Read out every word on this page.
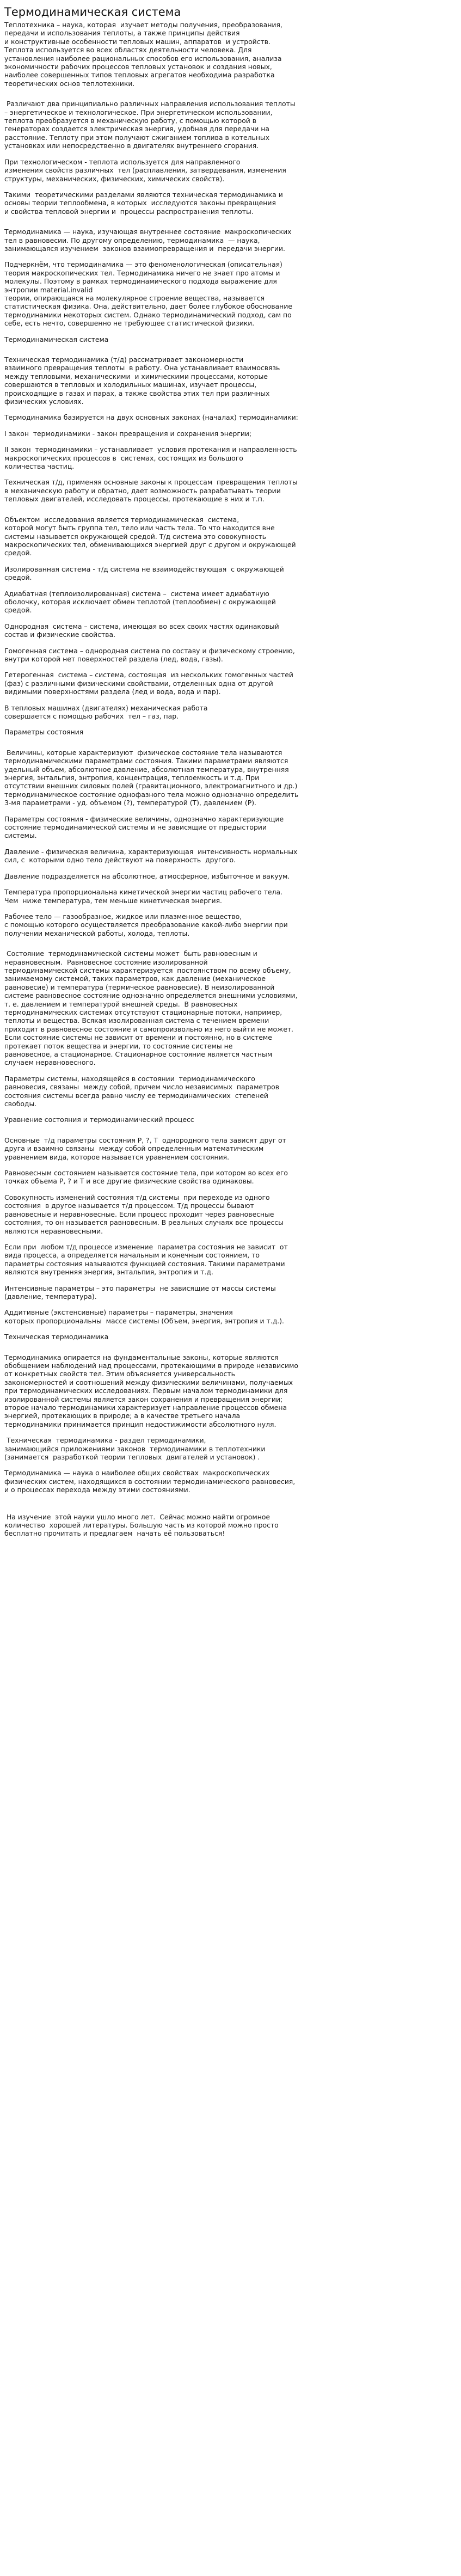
Термодинамическая система

Теплотехника – наука, которая  изучает методы получения, преобразования,
передачи и использования теплоты, а также принципы действия
и конструктивные особенности тепловых машин, аппаратов  и устройств.
Теплота используется во всех областях деятельности человека. Для
установления наиболее рациональных способов его использования, анализа
экономичности рабочих процессов тепловых установок и создания новых,
наиболее совершенных типов тепловых агрегатов необходима разработка
теоретических основ теплотехники.

Различают два принципиально различных направления использования теплоты
– энергетическое и технологическое. При энергетическом использовании,
теплота преобразуется в механическую работу, с помощью которой в
генераторах создается электрическая энергия, удобная для передачи на
расстояние. Теплоту при этом получают сжиганием топлива в котельных
установках или непосредственно в двигателях внутреннего сгорания.

При технологическом - теплота используется для направленного
изменения свойств различных  тел (расплавления, затвердевания, изменения
структуры, механических, физических, химических свойств).

Такими  теоретическими разделами являются техническая термодинамика и
основы теории теплообмена, в которых  исследуются законы превращения
и свойства тепловой энергии и  процессы распространения теплоты.

Термодинамика — наука, изучающая внутреннее состояние  макроскопических
тел в равновесии. По другому определению, термодинамика  — наука,
занимающаяся изучением  законов взаимопревращения и  передачи энергии.

Подчеркнём, что термодинамика — это феноменологическая (описательная)
теория макроскопических тел. Термодинамика ничего не знает про атомы и
молекулы. Поэтому в рамках термодинамического подхода выражение для
энтропии material.invalid
теории, опирающаяся на молекулярное строение вещества, называется
статистическая физика. Она, действительно, дает более глубокое обоснование
термодинамики некоторых систем. Однако термодинамический подход, сам по
себе, есть нечто, совершенно не требующее статистической физики.

Термодинамическая система

Техническая термодинамика (т/д) рассматривает закономерности
взаимного превращения теплоты  в работу. Она устанавливает взаимосвязь
между тепловыми, механическими  и химическими процессами, которые
совершаются в тепловых и холодильных машинах, изучает процессы,
происходящие в газах и парах, а также свойства этих тел при различных
физических условиях.

Термодинамика базируется на двух основных законах (началах) термодинамики:

I закон  термодинамики - закон превращения и сохранения энергии;

II закон  термодинамики – устанавливает  условия протекания и направленность
макроскопических процессов в  системах, состоящих из большого
количества частиц.

Техническая т/д, применяя основные законы к процессам  превращения теплоты
в механическую работу и обратно, дает возможность разрабатывать теории
тепловых двигателей, исследовать процессы, протекающие в них и т.п.

Объектом  исследования является термодинамическая  система,
которой могут быть группа тел, тело или часть тела. То что находится вне
системы называется окружающей средой. Т/д система это совокупность
макроскопических тел, обменивающихся энергией друг с другом и окружающей
средой.

Изолированная система - т/д система не взаимодействующая  с окружающей
средой.

Адиабатная (теплоизолированная) система –  система имеет адиабатную
оболочку, которая исключает обмен теплотой (теплообмен) с окружающей
средой.

Однородная  система – система, имеющая во всех своих частях одинаковый
состав и физические свойства.

Гомогенная система – однородная система по составу и физическому строению,
внутри которой нет поверхностей раздела (лед, вода, газы).

Гетерогенная  система – система, состоящая  из нескольких гомогенных частей
(фаз) с различными физическими свойствами, отделенных одна от другой
видимыми поверхностями раздела (лед и вода, вода и пар).

В тепловых машинах (двигателях) механическая работа
совершается с помощью рабочих  тел – газ, пар.

Параметры состояния

Величины, которые характеризуют  физическое состояние тела называются
термодинамическими параметрами состояния. Такими параметрами являются
удельный объем, абсолютное давление, абсолютная температура, внутренняя
энергия, энтальпия, энтропия, концентрация, теплоемкость и т.д. При
отсутствии внешних силовых полей (гравитационного, электромагнитного и др.)
термодинамическое состояние однофазного тела можно однозначно определить
3-мя параметрами - уд. объемом (?), температурой (Т), давлением (Р).

Параметры состояния - физические величины, однозначно характеризующие
состояние термодинамической системы и не зависящие от предыстории
системы.

Давление - физическая величина, характеризующая  интенсивность нормальных
сил, с  которыми одно тело действуют на поверхность  другого.

Давление подразделяется на абсолютное, атмосферное, избыточное и вакуум.

Температура пропорциональна кинетической энергии частиц рабочего тела.
Чем  ниже температура, тем меньше кинетическая энергия.

Рабочее тело — газообразное, жидкое или плазменное вещество,
с помощью которого осуществляется преобразование какой-либо энергии при
получении механической работы, холода, теплоты.

Состояние  термодинамической системы может  быть равновесным и
неравновесным.  Равновесное состояние изолированной
термодинамической системы характеризуется  постоянством по всему объему,
занимаемому системой, таких параметров, как давление (механическое
равновесие) и температура (термическое равновесие). В неизолированной
системе равновесное состояние однозначно определяется внешними условиями,
т. е. давлением и температурой внешней среды.  В равновесных
термодинамических системах отсутствуют стационарные потоки, например,
теплоты и вещества. Всякая изолированная система с течением времени
приходит в равновесное состояние и самопроизвольно из него выйти не может.
Если состояние системы не зависит от времени и постоянно, но в системе
протекает поток вещества и энергии, то состояние системы не
равновесное, а стационарное. Стационарное состояние является частным
случаем неравновесного.

Параметры системы, находящейся в состоянии  термодинамического
равновесия, связаны  между собой, причем число независимых  параметров
состояния системы всегда равно числу ее термодинамических  степеней
свободы.

Уравнение состояния и термодинамический процесс

Основные  т/д параметры состояния Р, ?, Т  однородного тела зависят друг от
друга и взаимно связаны  между собой определенным математическим
уравнением вида, которое называется уравнением состояния.

Равновесным состоянием называется состояние тела, при котором во всех его
точках объема Р, ? и Т и все другие физические свойства одинаковы.

Совокупность изменений состояния т/д системы  при переходе из одного
состояния  в другое называется т/д процессом. Т/д процессы бывают
равновесные и неравновесные. Если процесс проходит через равновесные
состояния, то он называется равновесным. В реальных случаях все процессы
являются неравновесными.

Если при  любом т/д процессе изменение  параметра состояния не зависит  от
вида процесса, а определяется начальным и конечным состоянием, то
параметры состояния называются функцией состояния. Такими параметрами
являются внутренняя энергия, энтальпия, энтропия и т.д.

Интенсивные параметры – это параметры  не зависящие от массы системы
(давление, температура).

Аддитивные (экстенсивные) параметры – параметры, значения
которых пропорциональны  массе системы (Объем, энергия, энтропия и т.д.).

Техническая термодинамика

Термодинамика опирается на фундаментальные законы, которые являются
обобщением наблюдений над процессами, протекающими в природе независимо
от конкретных свойств тел. Этим объясняется универсальность
закономерностей и соотношений между физическими величинами, получаемых
при термодинамических исследованиях. Первым началом термодинамики для
изолированной системы является закон сохранения и превращения энергии;
второе начало термодинамики характеризует направление процессов обмена
энергией, протекающих в природе; а в качестве третьего начала
термодинамики принимается принцип недостижимости абсолютного нуля.

Техническая  термодинамика - раздел термодинамики,
занимающийся приложениями законов  термодинамики в теплотехники
(занимается  разработкой теории тепловых  двигателей и установок) .

Термодинамика — наука о наиболее общих свойствах  макроскопических
физических систем, находящихся в состоянии термодинамического равновесия,
и о процессах перехода между этими состояниями.

На изучение  этой науки ушло много лет.  Сейчас можно найти огромное
количество  хорошей литературы. Большую часть из которой можно просто
бесплатно прочитать и предлагаем  начать её пользоваться!
